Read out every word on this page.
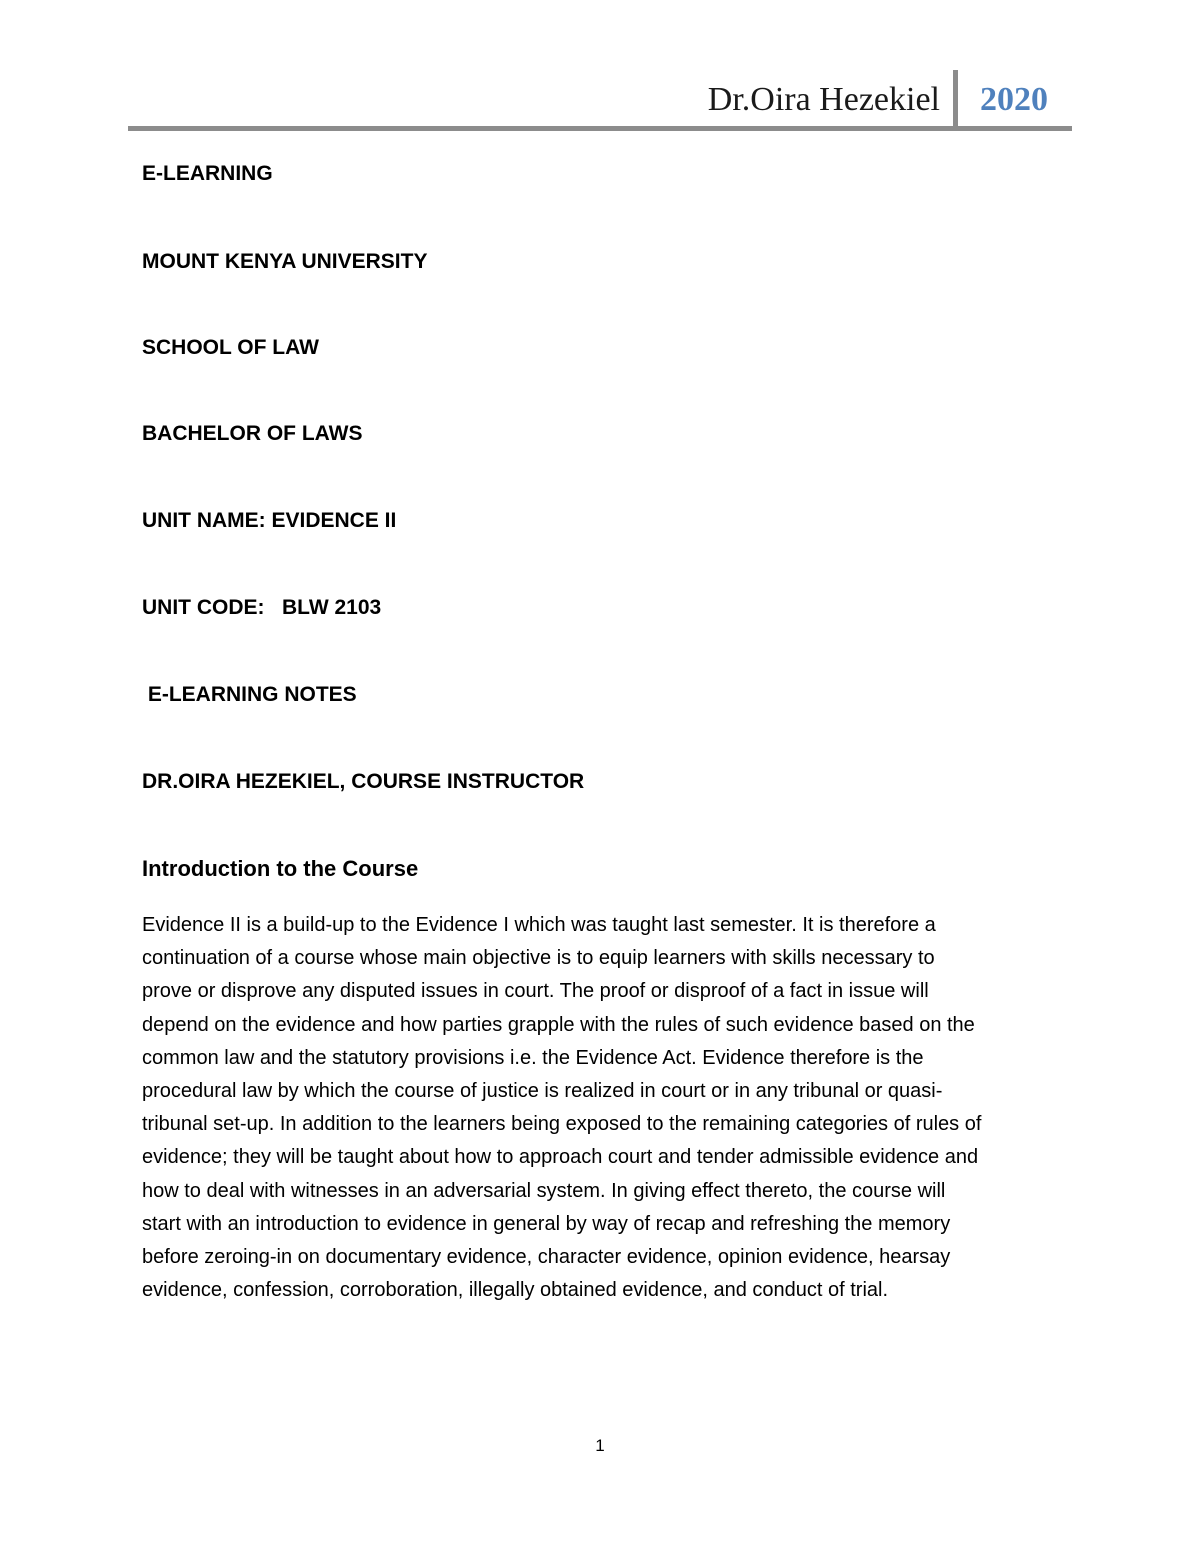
Dr.Oira Hezekiel 2020
E-LEARNING
MOUNT KENYA UNIVERSITY
SCHOOL OF LAW
BACHELOR OF LAWS
UNIT NAME: EVIDENCE II
UNIT CODE:   BLW 2103
E-LEARNING NOTES
DR.OIRA HEZEKIEL, COURSE INSTRUCTOR
Introduction to the Course
Evidence II is a build-up to the Evidence I which was taught last semester. It is therefore a
continuation of a course whose main objective is to equip learners with skills necessary to
prove or disprove any disputed issues in court. The proof or disproof of a fact in issue will
depend on the evidence and how parties grapple with the rules of such evidence based on the
common law and the statutory provisions i.e. the Evidence Act. Evidence therefore is the
procedural law by which the course of justice is realized in court or in any tribunal or quasi-
tribunal set-up. In addition to the learners being exposed to the remaining categories of rules of
evidence; they will be taught about how to approach court and tender admissible evidence and
how to deal with witnesses in an adversarial system. In giving effect thereto, the course will
start with an introduction to evidence in general by way of recap and refreshing the memory
before zeroing-in on documentary evidence, character evidence, opinion evidence, hearsay
evidence, confession, corroboration, illegally obtained evidence, and conduct of trial.
1
